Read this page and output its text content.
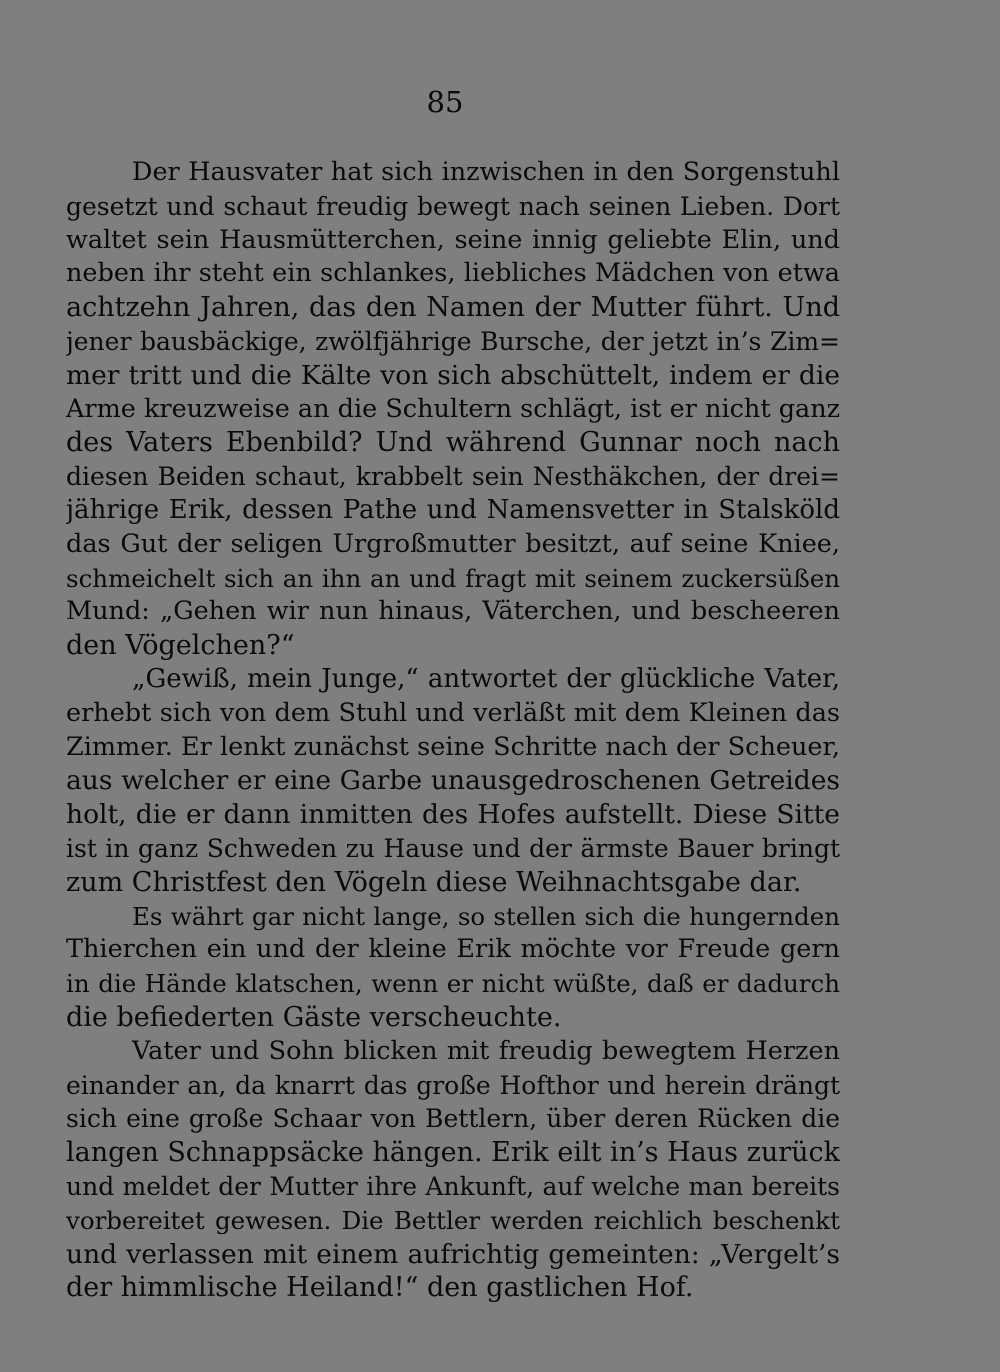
85
Der Hausvater hat sich inzwischen in den Sorgenstuhl
gesetzt und schaut freudig bewegt nach seinen Lieben. Dort
waltet sein Hausmütterchen, seine innig geliebte Elin, und
neben ihr steht ein schlankes, liebliches Mädchen von etwa
achtzehn Jahren, das den Namen der Mutter führt. Und
jener bausbäckige, zwölfjährige Bursche, der jetzt in’s Zim=
mer tritt und die Kälte von sich abschüttelt, indem er die
Arme kreuzweise an die Schultern schlägt, ist er nicht ganz
des Vaters Ebenbild? Und während Gunnar noch nach
diesen Beiden schaut, krabbelt sein Nesthäkchen, der drei=
jährige Erik, dessen Pathe und Namensvetter in Stalsköld
das Gut der seligen Urgroßmutter besitzt, auf seine Kniee,
schmeichelt sich an ihn an und fragt mit seinem zuckersüßen
Mund: „Gehen wir nun hinaus, Väterchen, und bescheeren
den Vögelchen?“
„Gewiß, mein Junge,“ antwortet der glückliche Vater,
erhebt sich von dem Stuhl und verläßt mit dem Kleinen das
Zimmer. Er lenkt zunächst seine Schritte nach der Scheuer,
aus welcher er eine Garbe unausgedroschenen Getreides
holt, die er dann inmitten des Hofes aufstellt. Diese Sitte
ist in ganz Schweden zu Hause und der ärmste Bauer bringt
zum Christfest den Vögeln diese Weihnachtsgabe dar.
Es währt gar nicht lange, so stellen sich die hungernden
Thierchen ein und der kleine Erik möchte vor Freude gern
in die Hände klatschen, wenn er nicht wüßte, daß er dadurch
die befiederten Gäste verscheuchte.
Vater und Sohn blicken mit freudig bewegtem Herzen
einander an, da knarrt das große Hofthor und herein drängt
sich eine große Schaar von Bettlern, über deren Rücken die
langen Schnappsäcke hängen. Erik eilt in’s Haus zurück
und meldet der Mutter ihre Ankunft, auf welche man bereits
vorbereitet gewesen. Die Bettler werden reichlich beschenkt
und verlassen mit einem aufrichtig gemeinten: „Vergelt’s
der himmlische Heiland!“ den gastlichen Hof.
